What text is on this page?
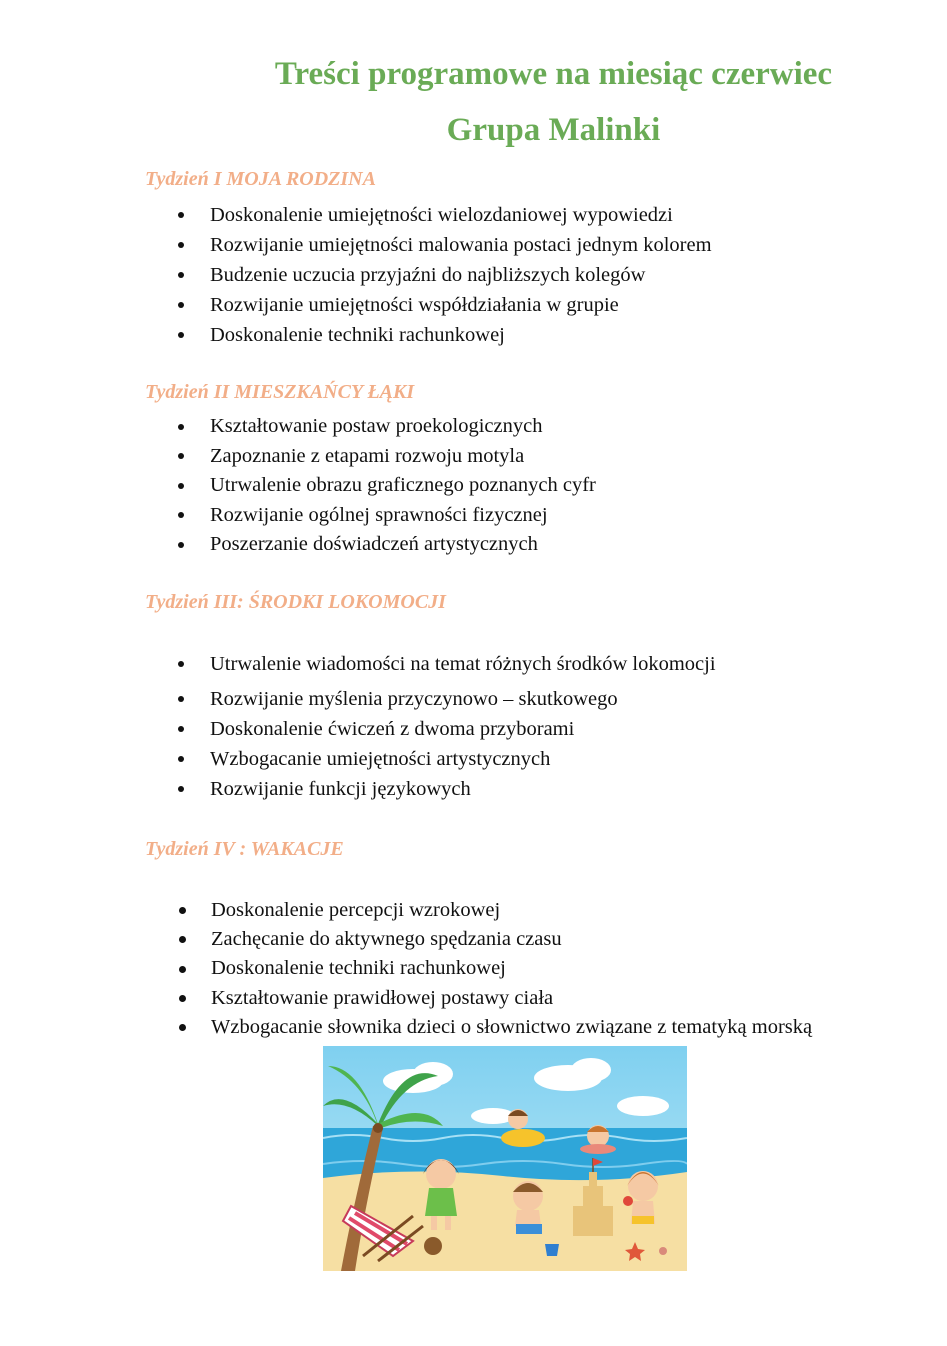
Treści programowe na miesiąc czerwiec
Grupa Malinki
Tydzień I MOJA RODZINA
Doskonalenie umiejętności wielozdaniowej wypowiedzi
Rozwijanie umiejętności malowania postaci jednym kolorem
Budzenie uczucia przyjaźni do najbliższych kolegów
Rozwijanie umiejętności współdziałania w grupie
Doskonalenie techniki rachunkowej
Tydzień II MIESZKAŃCY ŁĄKI
Kształtowanie postaw proekologicznych
Zapoznanie z etapami rozwoju motyla
Utrwalenie obrazu graficznego poznanych cyfr
Rozwijanie ogólnej sprawności fizycznej
Poszerzanie doświadczeń artystycznych
Tydzień III: ŚRODKI LOKOMOCJI
Utrwalenie wiadomości na temat różnych środków lokomocji
Rozwijanie myślenia przyczynowo – skutkowego
Doskonalenie ćwiczeń z dwoma przyborami
Wzbogacanie umiejętności artystycznych
Rozwijanie funkcji językowych
Tydzień IV : WAKACJE
Doskonalenie percepcji wzrokowej
Zachęcanie do aktywnego spędzania czasu
Doskonalenie techniki rachunkowej
Kształtowanie prawidłowej postawy ciała
Wzbogacanie słownika dzieci o słownictwo związane z tematyką morską
